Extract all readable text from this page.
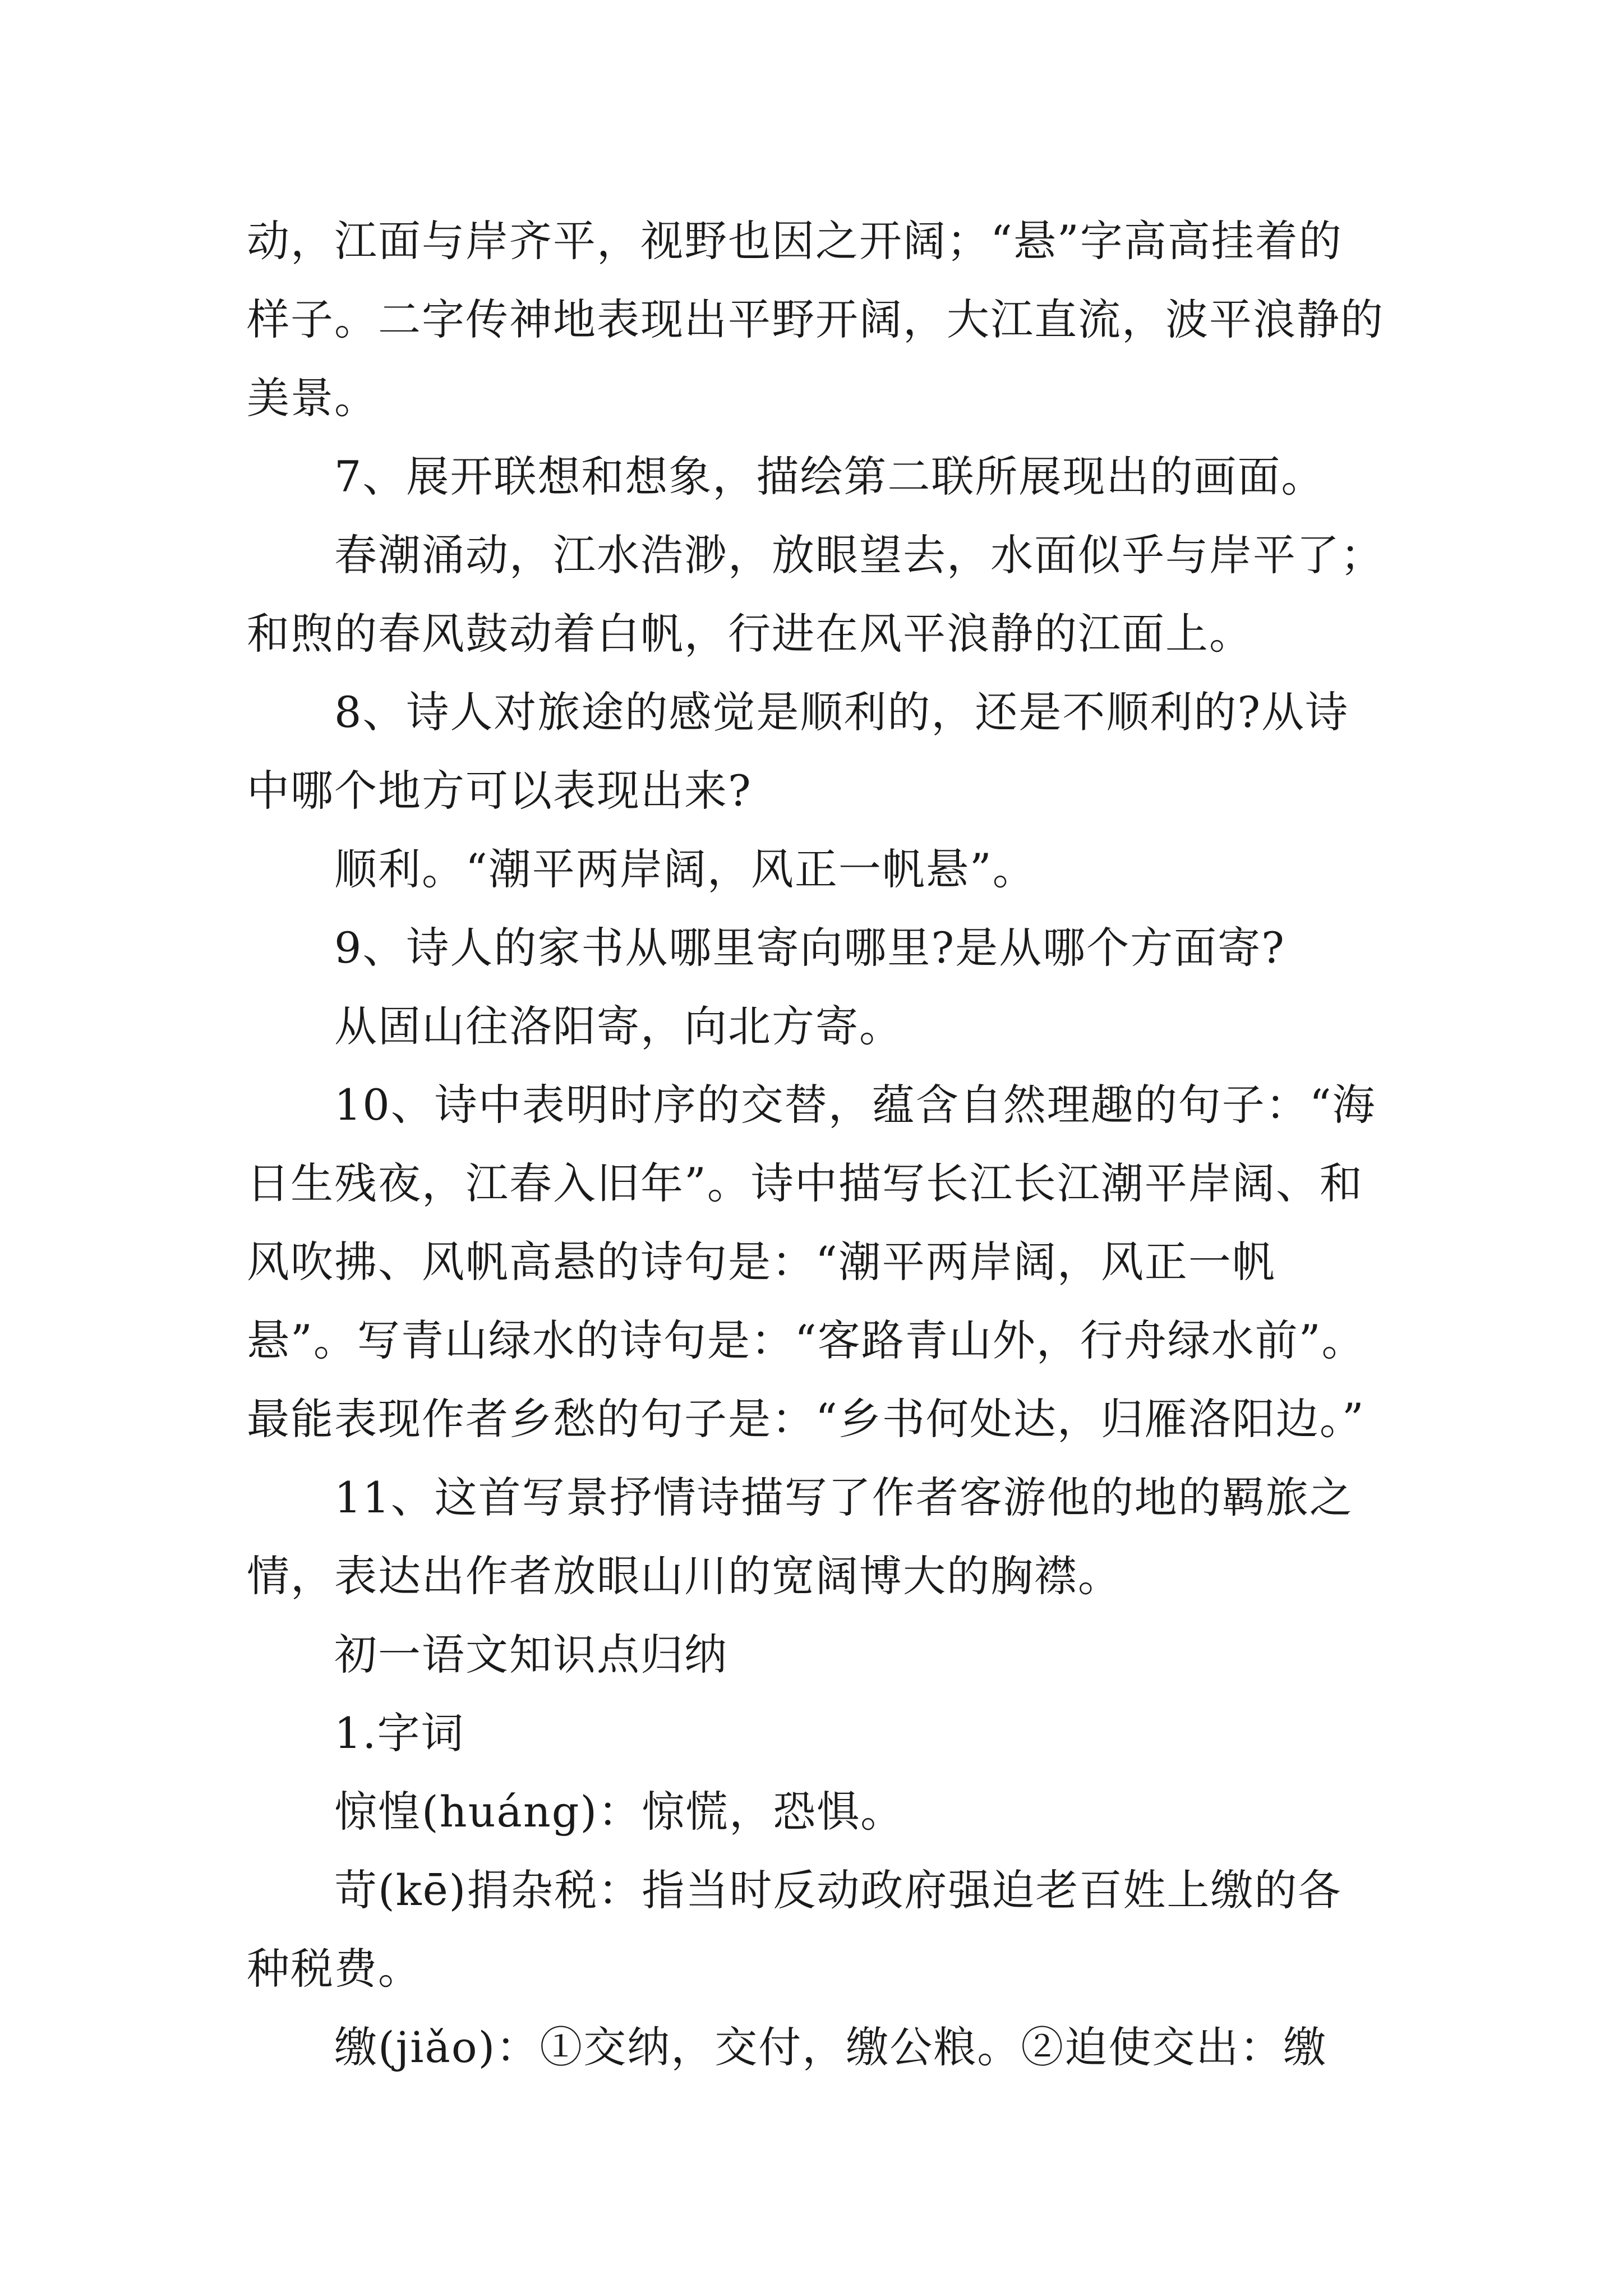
动，江面与岸齐平，视野也因之开阔；“悬”字高高挂着的样子。二字传神地表现出平野开阔，大江直流，波平浪静的美景。

7、展开联想和想象，描绘第二联所展现出的画面。

春潮涌动，江水浩渺，放眼望去，水面似乎与岸平了；和煦的春风鼓动着白帆，行进在风平浪静的江面上。

8、诗人对旅途的感觉是顺利的，还是不顺利的?从诗中哪个地方可以表现出来?

顺利。“潮平两岸阔，风正一帆悬”。

9、诗人的家书从哪里寄向哪里?是从哪个方面寄?

从固山往洛阳寄，向北方寄。

10、诗中表明时序的交替，蕴含自然理趣的句子：“海日生残夜，江春入旧年”。诗中描写长江长江潮平岸阔、和风吹拂、风帆高悬的诗句是：“潮平两岸阔，风正一帆悬”。写青山绿水的诗句是：“客路青山外，行舟绿水前”。最能表现作者乡愁的句子是：“乡书何处达，归雁洛阳边。”

11、这首写景抒情诗描写了作者客游他的地的羁旅之情，表达出作者放眼山川的宽阔博大的胸襟。

初一语文知识点归纳

1.字词

惊惶(huáng)：惊慌，恐惧。

苛(kē)捐杂税：指当时反动政府强迫老百姓上缴的各种税费。

缴(jiǎo)：①交纳，交付，缴公粮。②迫使交出：缴
